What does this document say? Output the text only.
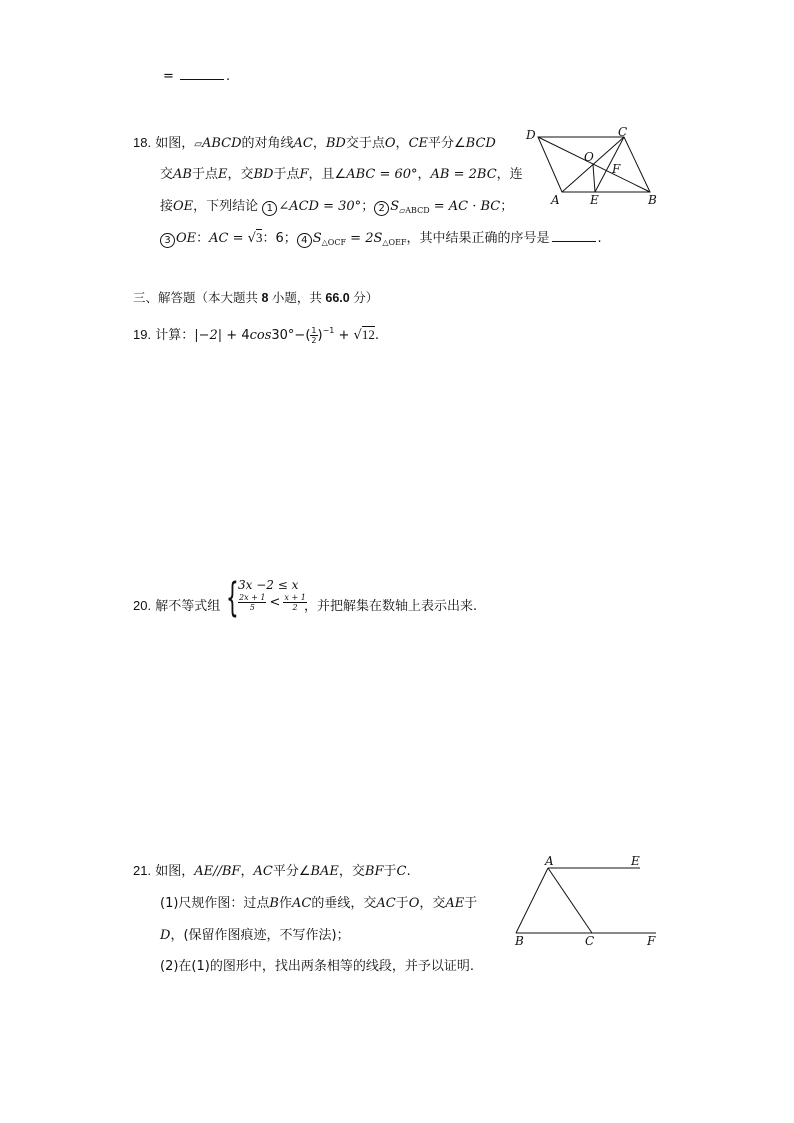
=	.
18. 如图，▱ABCD的对角线AC，BD交于点O，CE平分∠BCD
交AB于点E，交BD于点F，且∠ABC = 60°，AB = 2BC，连
接OE，下列结论 1 ∠ACD = 30°； 2 $S_{▱ABCD}$ = AC · BC；
3 OE：AC = √3：6； 4 $S_{\triangle OCF} = 2S_{\triangle OEF}$，其中结果正确的序号是	.
D	C
O
F
A	E	B
三、解答题（本大题共 8 小题，共 66.0 分）
19. 计算：$|-2| + 4\cos 30^\circ-( \frac{1}{2} )^{-1} + √12$.
20. 解不等式组 { 3x −2 ≤ x
$\frac{2x + 1}{5} < \frac{x + 1}{2}$
，并把解集在数轴上表示出来.
21. 如图，AE//BF，AC平分∠BAE，交BF于C.
(1)尺规作图：过点B作AC的垂线，交AC于O，交AE于
D，(保留作图痕迹，不写作法)；
(2)在(1)的图形中，找出两条相等的线段，并予以证明.
A	E
B	C	F
